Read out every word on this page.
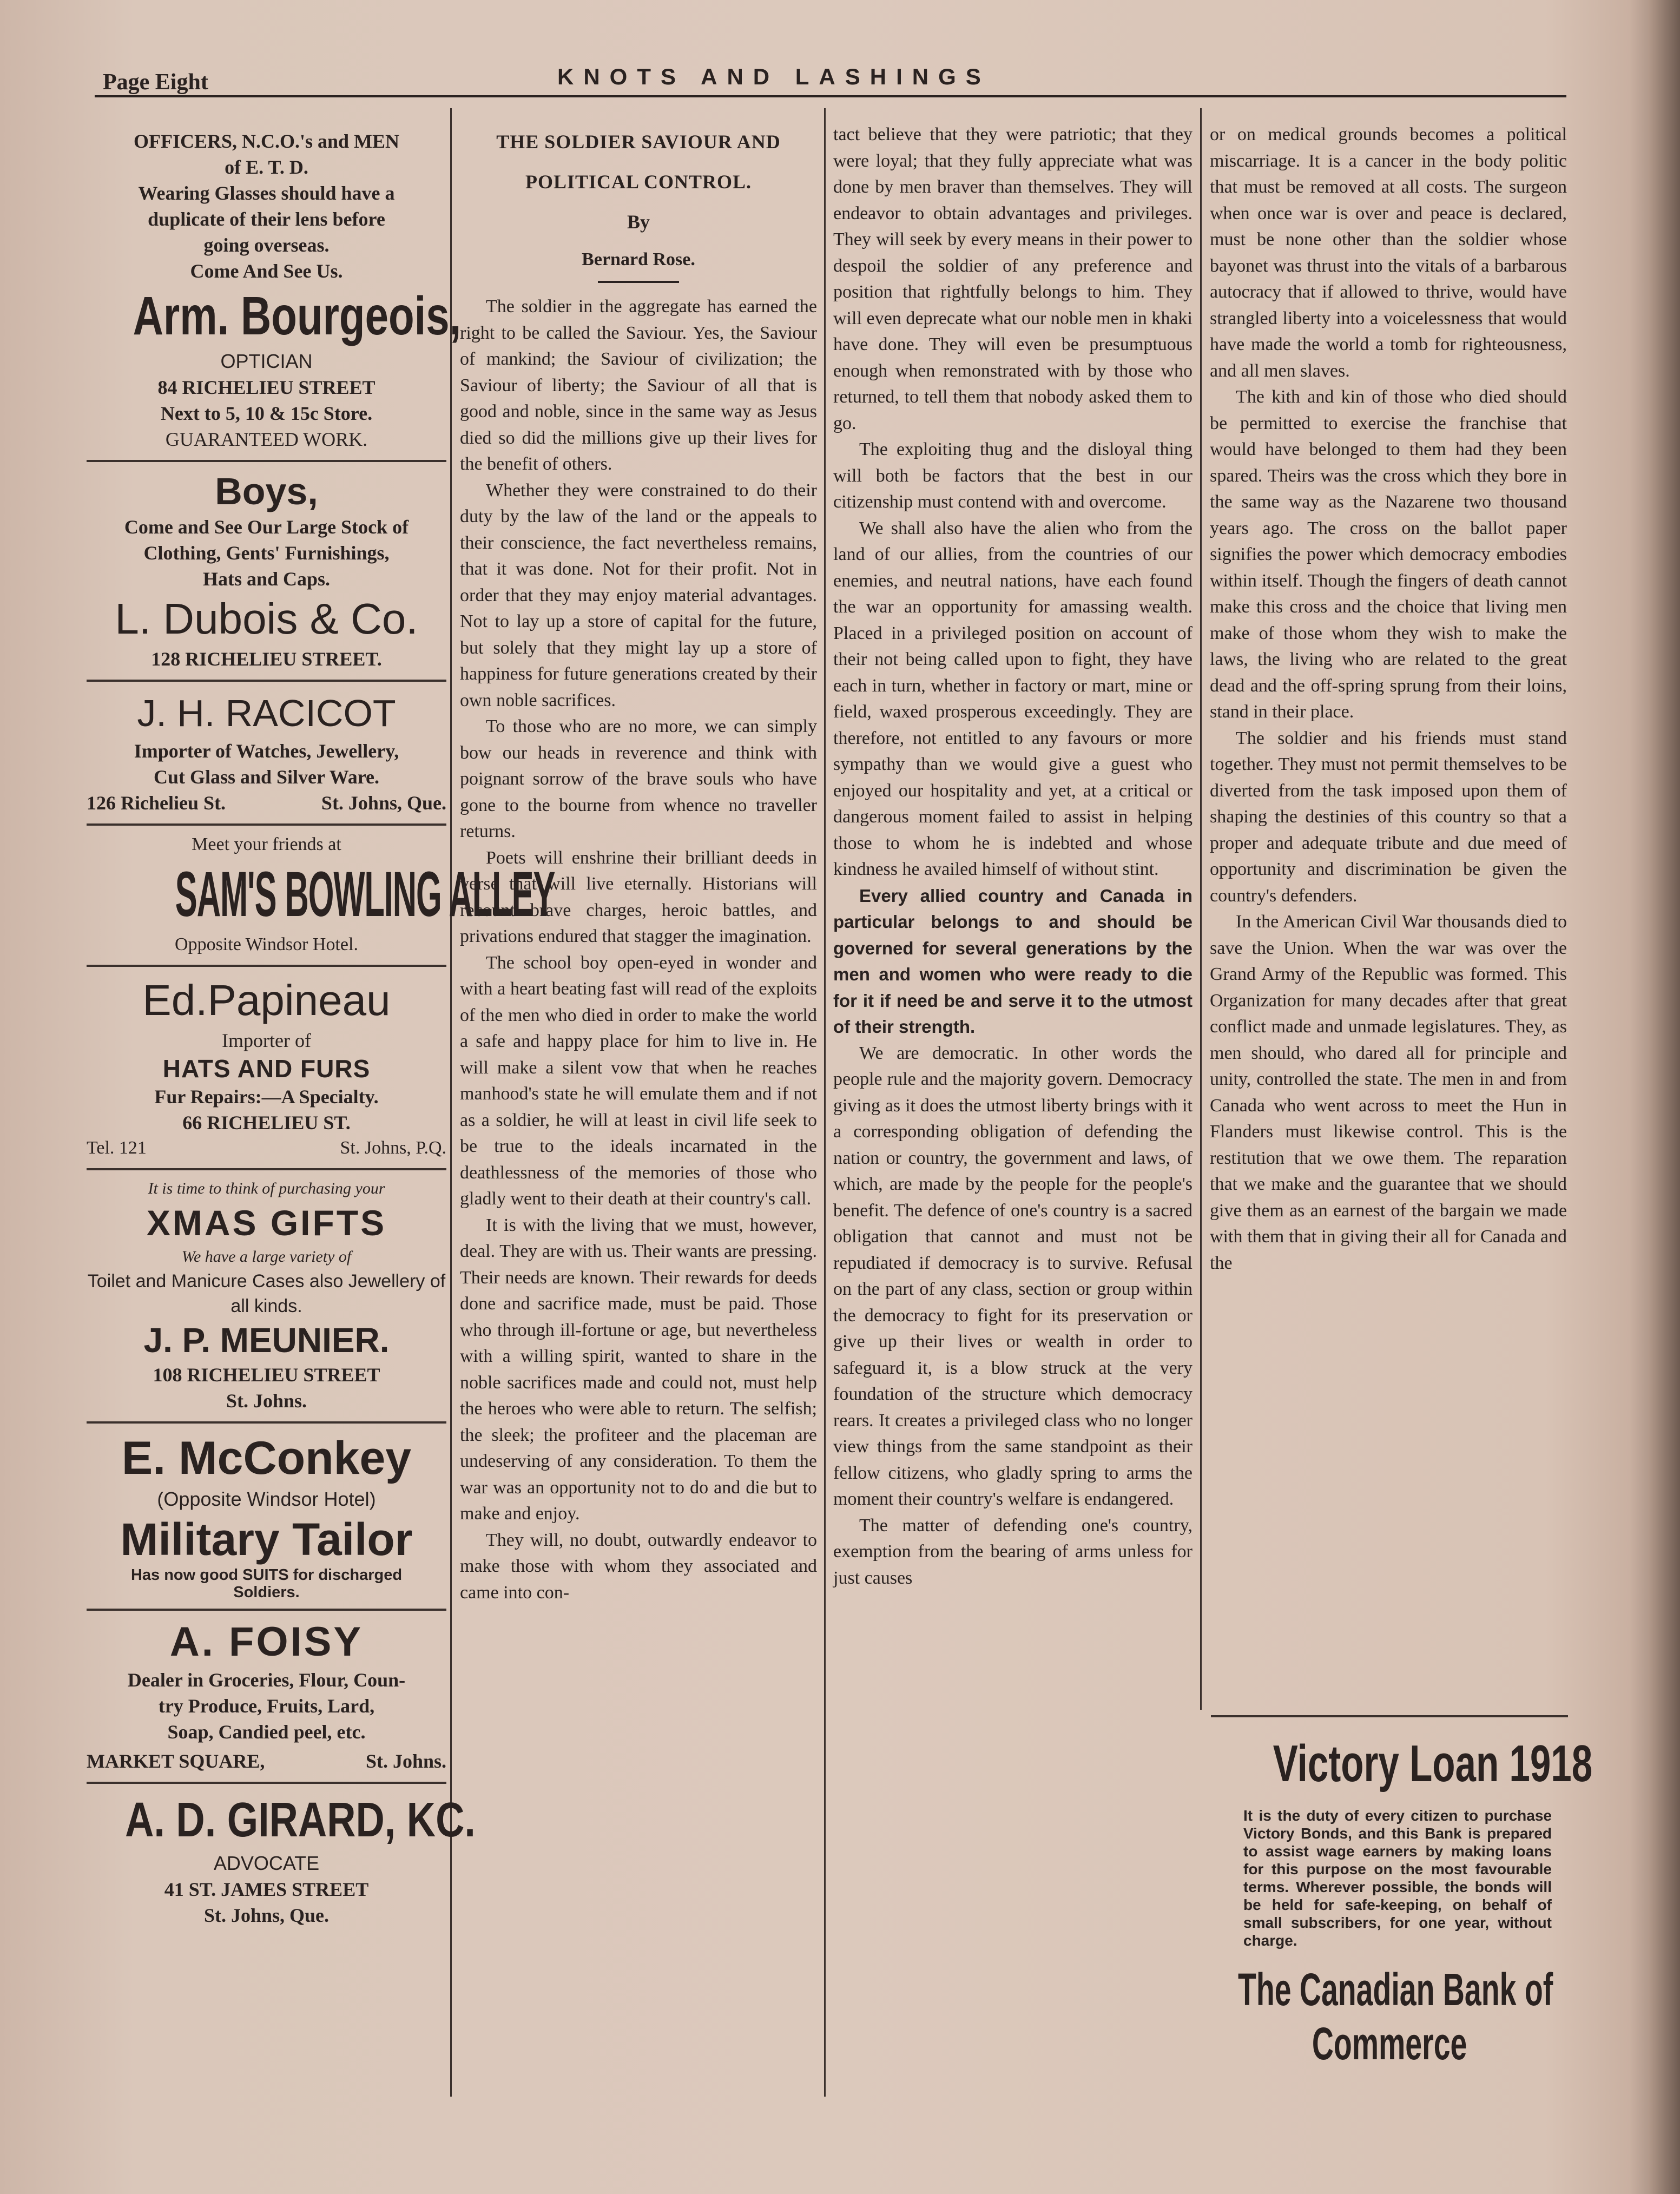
Page Eight	KNOTS AND LASHINGS
OFFICERS, N.C.O.'s and MEN
of E. T. D.
Wearing Glasses should have a
duplicate of their lens before
going overseas.
Come And See Us.
Arm. Bourgeois,
OPTICIAN
84 RICHELIEU STREET
Next to 5, 10 & 15c Store.
GUARANTEED WORK.
Boys,
Come and See Our Large Stock of
Clothing, Gents' Furnishings,
Hats and Caps.
L. Dubois & Co.
128 RICHELIEU STREET.
J. H. RACICOT
Importer of Watches, Jewellery,
Cut Glass and Silver Ware.
126 Richelieu St.	St. Johns, Que.
Meet your friends at
SAM'S BOWLING ALLEY
Opposite Windsor Hotel.
Ed.Papineau
Importer of
HATS AND FURS
Fur Repairs:—A Specialty.
66 RICHELIEU ST.
Tel. 121	St. Johns, P.Q.
It is time to think of purchasing your
XMAS GIFTS
We have a large variety of
Toilet and Manicure Cases also Jewellery of all kinds.
J. P. MEUNIER.
108 RICHELIEU STREET
St. Johns.
E. McConkey
(Opposite Windsor Hotel)
Military Tailor
Has now good SUITS for discharged Soldiers.
A. FOISY
Dealer in Groceries, Flour, Coun-
try Produce, Fruits, Lard,
Soap, Candied peel, etc.
MARKET SQUARE,	St. Johns.
A. D. GIRARD, KC.
ADVOCATE
41 ST. JAMES STREET
St. Johns, Que.
THE SOLDIER SAVIOUR AND
POLITICAL CONTROL.
By
Bernard Rose.

The soldier in the aggregate has earned the right to be called the Saviour. Yes, the Saviour of mankind; the Saviour of civilization; the Saviour of liberty; the Saviour of all that is good and noble, since in the same way as Jesus died so did the millions give up their lives for the benefit of others.

Whether they were constrained to do their duty by the law of the land or the appeals to their conscience, the fact nevertheless remains, that it was done. Not for their profit. Not in order that they may enjoy material advantages. Not to lay up a store of capital for the future, but solely that they might lay up a store of happiness for future generations created by their own noble sacrifices.

To those who are no more, we can simply bow our heads in reverence and think with poignant sorrow of the brave souls who have gone to the bourne from whence no traveller returns.

Poets will enshrine their brilliant deeds in verse that will live eternally. Historians will recount brave charges, heroic battles, and privations endured that stagger the imagination.

The school boy open-eyed in wonder and with a heart beating fast will read of the exploits of the men who died in order to make the world a safe and happy place for him to live in. He will make a silent vow that when he reaches manhood's state he will emulate them and if not as a soldier, he will at least in civil life seek to be true to the ideals incarnated in the deathlessness of the memories of those who gladly went to their death at their country's call.

It is with the living that we must, however, deal. They are with us. Their wants are pressing. Their needs are known. Their rewards for deeds done and sacrifice made, must be paid. Those who through ill-fortune or age, but nevertheless with a willing spirit, wanted to share in the noble sacrifices made and could not, must help the heroes who were able to return. The selfish; the sleek; the profiteer and the placeman are undeserving of any consideration. To them the war was an opportunity not to do and die but to make and enjoy.

They will, no doubt, outwardly endeavor to make those with whom they associated and came into con-

tact believe that they were patriotic; that they were loyal; that they fully appreciate what was done by men braver than themselves. They will endeavor to obtain advantages and privileges. They will seek by every means in their power to despoil the soldier of any preference and position that rightfully belongs to him. They will even deprecate what our noble men in khaki have done. They will even be presumptuous enough when remonstrated with by those who returned, to tell them that nobody asked them to go.

The exploiting thug and the disloyal thing will both be factors that the best in our citizenship must contend with and overcome.

We shall also have the alien who from the land of our allies, from the countries of our enemies, and neutral nations, have each found the war an opportunity for amassing wealth. Placed in a privileged position on account of their not being called upon to fight, they have each in turn, whether in factory or mart, mine or field, waxed prosperous exceedingly. They are therefore, not entitled to any favours or more sympathy than we would give a guest who enjoyed our hospitality and yet, at a critical or dangerous moment failed to assist in helping those to whom he is indebted and whose kindness he availed himself of without stint.

Every allied country and Canada in particular belongs to and should be governed for several generations by the men and women who were ready to die for it if need be and serve it to the utmost of their strength.

We are democratic. In other words the people rule and the majority govern. Democracy giving as it does the utmost liberty brings with it a corresponding obligation of defending the nation or country, the government and laws, of which, are made by the people for the people's benefit. The defence of one's country is a sacred obligation that cannot and must not be repudiated if democracy is to survive. Refusal on the part of any class, section or group within the democracy to fight for its preservation or give up their lives or wealth in order to safeguard it, is a blow struck at the very foundation of the structure which democracy rears. It creates a privileged class who no longer view things from the same standpoint as their fellow citizens, who gladly spring to arms the moment their country's welfare is endangered.

The matter of defending one's country, exemption from the bearing of arms unless for just causes

or on medical grounds becomes a political miscarriage. It is a cancer in the body politic that must be removed at all costs. The surgeon when once war is over and peace is declared, must be none other than the soldier whose bayonet was thrust into the vitals of a barbarous autocracy that if allowed to thrive, would have strangled liberty into a voicelessness that would have made the world a tomb for righteousness, and all men slaves.

The kith and kin of those who died should be permitted to exercise the franchise that would have belonged to them had they been spared. Theirs was the cross which they bore in the same way as the Nazarene two thousand years ago. The cross on the ballot paper signifies the power which democracy embodies within itself. Though the fingers of death cannot make this cross and the choice that living men make of those whom they wish to make the laws, the living who are related to the great dead and the off-spring sprung from their loins, stand in their place.

The soldier and his friends must stand together. They must not permit themselves to be diverted from the task imposed upon them of shaping the destinies of this country so that a proper and adequate tribute and due meed of opportunity and discrimination be given the country's defenders.

In the American Civil War thousands died to save the Union. When the war was over the Grand Army of the Republic was formed. This Organization for many decades after that great conflict made and unmade legislatures. They, as men should, who dared all for principle and unity, controlled the state. The men in and from Canada who went across to meet the Hun in Flanders must likewise control. This is the restitution that we owe them. The reparation that we make and the guarantee that we should give them as an earnest of the bargain we made with them that in giving their all for Canada and the

Victory Loan 1918
It is the duty of every citizen to purchase Victory Bonds, and this Bank is prepared to assist wage earners by making loans for this purpose on the most favourable terms. Wherever possible, the bonds will be held for safe-keeping, on behalf of small subscribers, for one year, without charge.
The Canadian Bank of
Commerce
